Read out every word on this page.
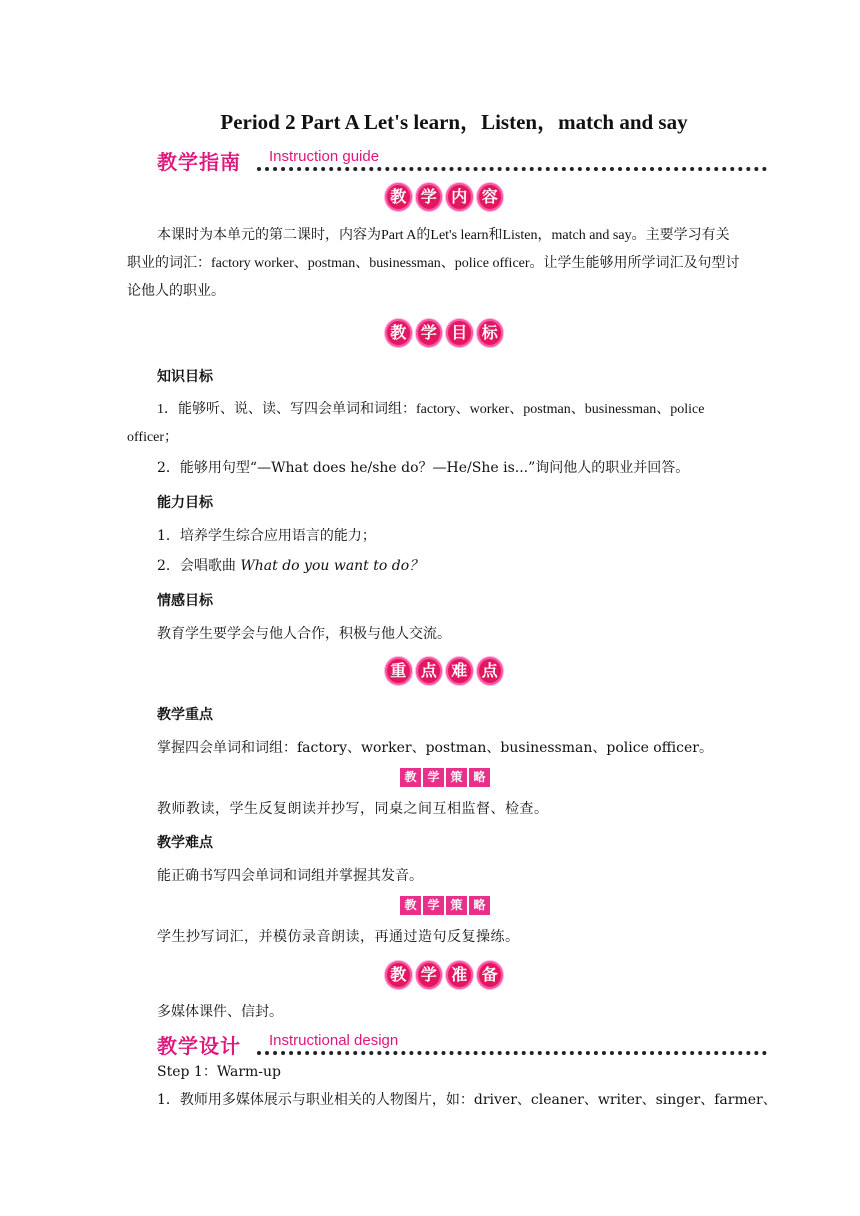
Period 2 Part A Let's learn，Listen，match and say
教学指南 Instruction guide
教 学 内 容
本课时为本单元的第二课时，内容为Part A的Let's learn和Listen，match and say。主要学习有关职业的词汇：factory worker、postman、businessman、police officer。让学生能够用所学词汇及句型讨论他人的职业。
教 学 目 标
知识目标
1．能够听、说、读、写四会单词和词组：factory、worker、postman、businessman、police officer；
2．能够用句型“—What does he/she do？—He/She is...”询问他人的职业并回答。
能力目标
1．培养学生综合应用语言的能力；
2．会唱歌曲 What do you want to do？
情感目标
教育学生要学会与他人合作，积极与他人交流。
重 点 难 点
教学重点
掌握四会单词和词组：factory、worker、postman、businessman、police officer。
教 学 策 略
教师教读，学生反复朗读并抄写，同桌之间互相监督、检查。
教学难点
能正确书写四会单词和词组并掌握其发音。
教 学 策 略
学生抄写词汇，并模仿录音朗读，再通过造句反复操练。
教 学 准 备
多媒体课件、信封。
教学设计 Instructional design
Step 1：Warm-up
1．教师用多媒体展示与职业相关的人物图片，如：driver、cleaner、writer、singer、farmer、
